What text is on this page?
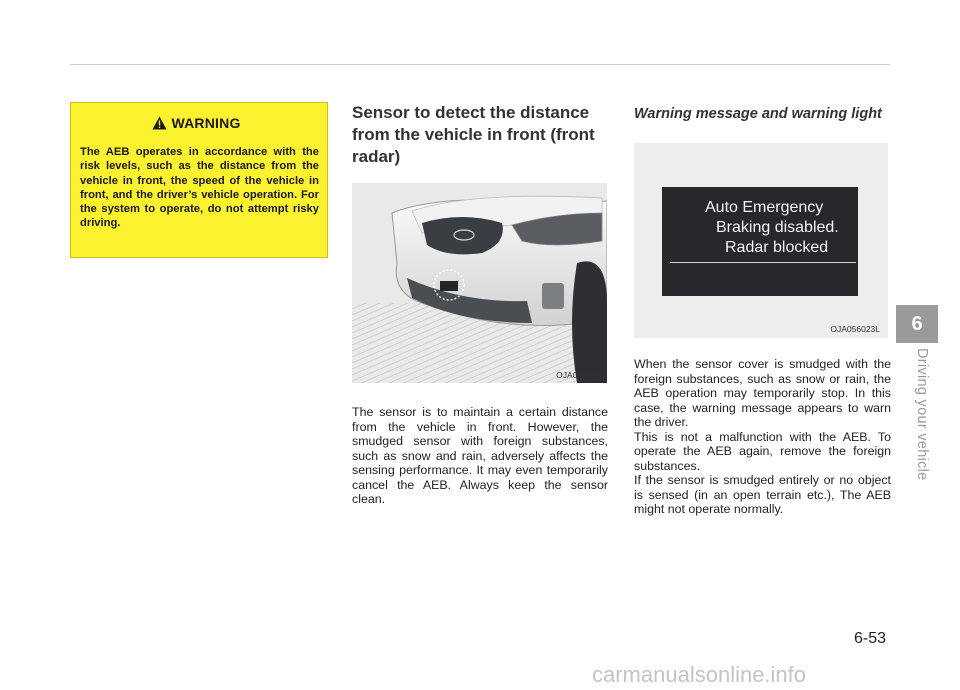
WARNING
The AEB operates in accordance with the risk levels, such as the distance from the vehicle in front, the speed of the vehicle in front, and the driver’s vehicle operation. For the system to operate, do not attempt risky driving.
Sensor to detect the distance from the vehicle in front (front radar)
OJA056010
The sensor is to maintain a certain distance from the vehicle in front. However, the smudged sensor with foreign substances, such as snow and rain, adversely affects the sensing performance. It may even temporarily cancel the AEB. Always keep the sensor clean.
Warning message and warning light
Auto Emergency
Braking disabled.
Radar blocked
OJA056023L
When the sensor cover is smudged with the foreign substances, such as snow or rain, the AEB operation may temporarily stop. In this case, the warning message appears to warn the driver.
This is not a malfunction with the AEB. To operate the AEB again, remove the foreign substances.
If the sensor is smudged entirely or no object is sensed (in an open terrain etc.), The AEB might not operate normally.
6
Driving your vehicle
6-53
carmanualsonline.info
